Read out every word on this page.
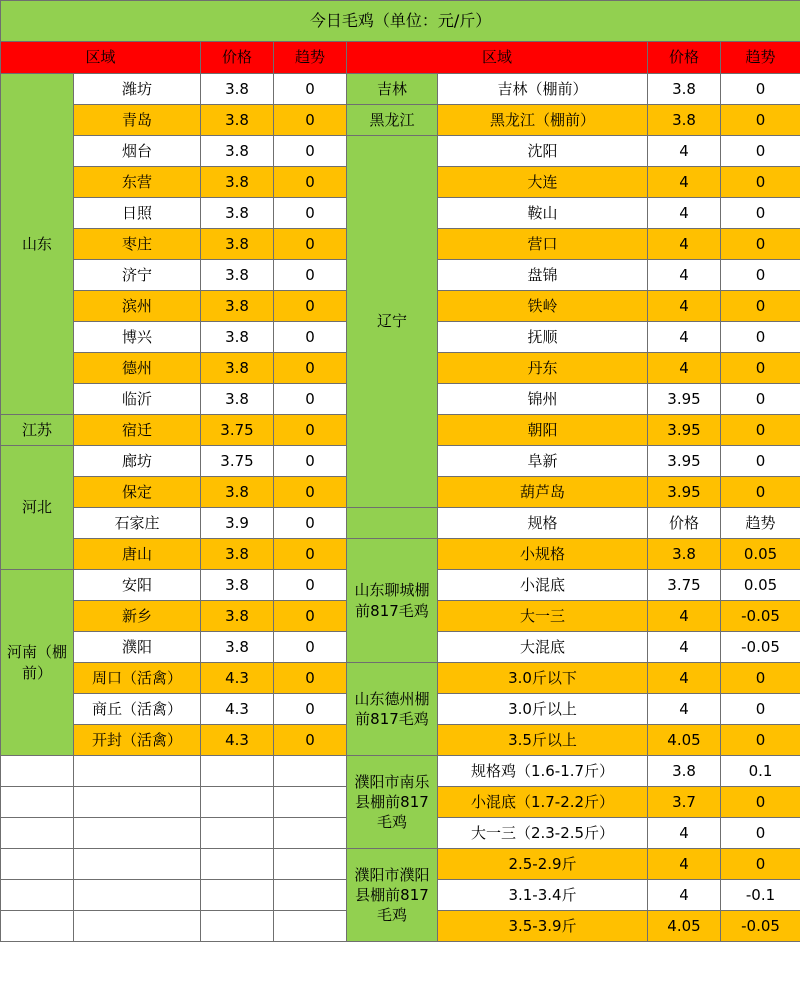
今日毛鸡（单位：元/斤）							
区域		价格	趋势	区域		价格	趋势
山东	潍坊	3.8	0	吉林	吉林（棚前）	3.8	0
	青岛	3.8	0	黑龙江	黑龙江（棚前）	3.8	0
	烟台	3.8	0	辽宁	沈阳	4	0
	东营	3.8	0		大连	4	0
	日照	3.8	0		鞍山	4	0
	枣庄	3.8	0		营口	4	0
	济宁	3.8	0		盘锦	4	0
	滨州	3.8	0		铁岭	4	0
	博兴	3.8	0		抚顺	4	0
	德州	3.8	0		丹东	4	0
	临沂	3.8	0		锦州	3.95	0
江苏	宿迁	3.75	0		朝阳	3.95	0
河北	廊坊	3.75	0		阜新	3.95	0
	保定	3.8	0		葫芦岛	3.95	0
	石家庄	3.9	0		规格	价格	趋势
	唐山	3.8	0	山东聊城棚前817毛鸡	小规格	3.8	0.05
河南（棚前）	安阳	3.8	0		小混底	3.75	0.05
	新乡	3.8	0		大一三	4	-0.05
	濮阳	3.8	0		大混底	4	-0.05
	周口（活禽）	4.3	0	山东德州棚前817毛鸡	3.0斤以下	4	0
	商丘（活禽）	4.3	0		3.0斤以上	4	0
	开封（活禽）	4.3	0		3.5斤以上	4.05	0
				濮阳市南乐县棚前817毛鸡	规格鸡（1.6-1.7斤）	3.8	0.1
					小混底（1.7-2.2斤）	3.7	0
					大一三（2.3-2.5斤）	4	0
				濮阳市濮阳县棚前817毛鸡	2.5-2.9斤	4	0
					3.1-3.4斤	4	-0.1
					3.5-3.9斤	4.05	-0.05
